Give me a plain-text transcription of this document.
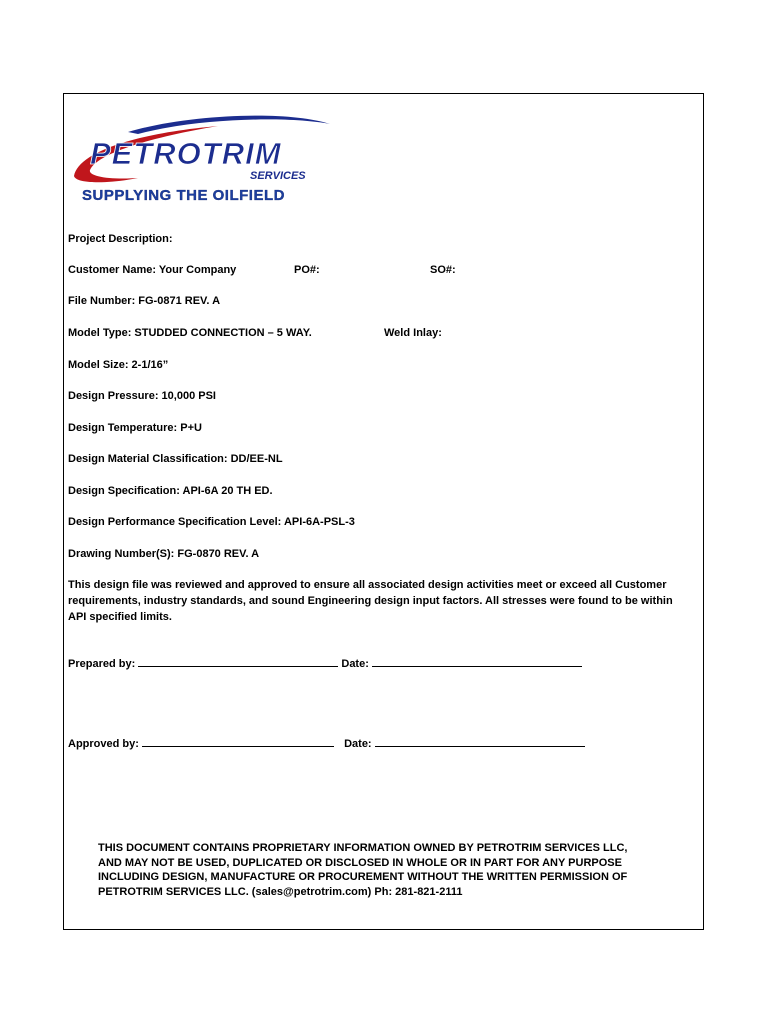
PETROTRIM
SERVICES
SUPPLYING THE OILFIELD
Project Description:
Customer Name: Your Company	PO#:	SO#:
File Number: FG-0871 REV. A
Model Type: STUDDED CONNECTION – 5 WAY.	Weld Inlay:
Model Size: 2-1/16”
Design Pressure: 10,000 PSI
Design Temperature: P+U
Design Material Classification: DD/EE-NL
Design Specification: API-6A 20 TH ED.
Design Performance Specification Level: API-6A-PSL-3
Drawing Number(S): FG-0870 REV. A
This design file was reviewed and approved to ensure all associated design activities meet or exceed all Customer requirements, industry standards, and sound Engineering design input factors. All stresses were found to be within API specified limits.
Prepared by:	Date:
Approved by:	Date:
THIS DOCUMENT CONTAINS PROPRIETARY INFORMATION OWNED BY PETROTRIM SERVICES LLC, AND MAY NOT BE USED, DUPLICATED OR DISCLOSED IN WHOLE OR IN PART FOR ANY PURPOSE INCLUDING DESIGN, MANUFACTURE OR PROCUREMENT WITHOUT THE WRITTEN PERMISSION OF PETROTRIM SERVICES LLC. (sales@petrotrim.com) Ph: 281-821-2111
